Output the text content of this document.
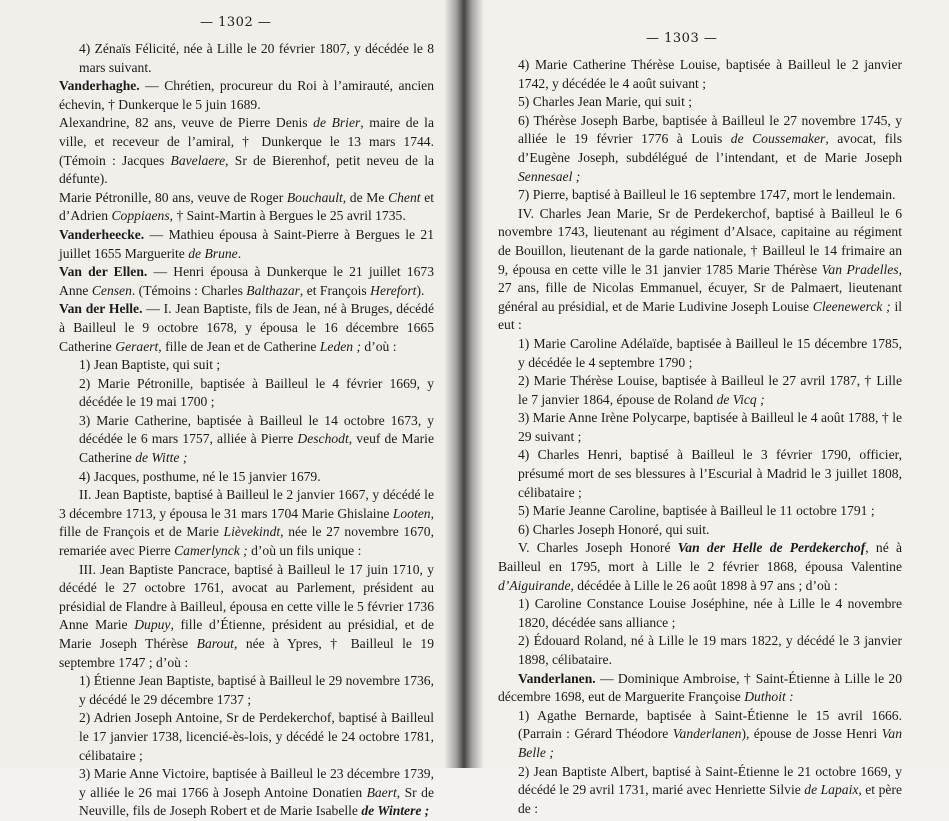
— 1302 —

4) Zénaïs Félicité, née à Lille le 20 février 1807, y décédée le 8 mars suivant.

Vanderhaghe. — Chrétien, procureur du Roi à l’amirauté, ancien échevin, † Dunkerque le 5 juin 1689.

Alexandrine, 82 ans, veuve de Pierre Denis de Brier, maire de la ville, et receveur de l’amiral, † Dunkerque le 13 mars 1744. (Témoin : Jacques Bavelaere, Sr de Bierenhof, petit neveu de la défunte).

Marie Pétronille, 80 ans, veuve de Roger Bouchault, de Me Chent et d’Adrien Coppiaens, † Saint-Martin à Bergues le 25 avril 1735.

Vanderheecke. — Mathieu épousa à Saint-Pierre à Bergues le 21 juillet 1655 Marguerite de Brune.

Van der Ellen. — Henri épousa à Dunkerque le 21 juillet 1673 Anne Censen. (Témoins : Charles Balthazar, et François Herefort).

Van der Helle. — I. Jean Baptiste, fils de Jean, né à Bruges, décédé à Bailleul le 9 octobre 1678, y épousa le 16 décembre 1665 Catherine Geraert, fille de Jean et de Catherine Leden ; d’où :

1) Jean Baptiste, qui suit ;

2) Marie Pétronille, baptisée à Bailleul le 4 février 1669, y décédée le 19 mai 1700 ;

3) Marie Catherine, baptisée à Bailleul le 14 octobre 1673, y décédée le 6 mars 1757, alliée à Pierre Deschodt, veuf de Marie Catherine de Witte ;

4) Jacques, posthume, né le 15 janvier 1679.

II. Jean Baptiste, baptisé à Bailleul le 2 janvier 1667, y décédé le 3 décembre 1713, y épousa le 31 mars 1704 Marie Ghislaine Looten, fille de François et de Marie Lièvekindt, née le 27 novembre 1670, remariée avec Pierre Camerlynck ; d’où un fils unique :

III. Jean Baptiste Pancrace, baptisé à Bailleul le 17 juin 1710, y décédé le 27 octobre 1761, avocat au Parlement, président au présidial de Flandre à Bailleul, épousa en cette ville le 5 février 1736 Anne Marie Dupuy, fille d’Étienne, président au présidial, et de Marie Joseph Thérèse Barout, née à Ypres, † Bailleul le 19 septembre 1747 ; d’où :

1) Étienne Jean Baptiste, baptisé à Bailleul le 29 novembre 1736, y décédé le 29 décembre 1737 ;

2) Adrien Joseph Antoine, Sr de Perdekerchof, baptisé à Bailleul le 17 janvier 1738, licencié-ès-lois, y décédé le 24 octobre 1781, célibataire ;

3) Marie Anne Victoire, baptisée à Bailleul le 23 décembre 1739, y alliée le 26 mai 1766 à Joseph Antoine Donatien Baert, Sr de Neuville, fils de Joseph Robert et de Marie Isabelle de Wintere ;

— 1303 —

4) Marie Catherine Thérèse Louise, baptisée à Bailleul le 2 janvier 1742, y décédée le 4 août suivant ;

5) Charles Jean Marie, qui suit ;

6) Thérèse Joseph Barbe, baptisée à Bailleul le 27 novembre 1745, y alliée le 19 février 1776 à Louis de Coussemaker, avocat, fils d’Eugène Joseph, subdélégué de l’intendant, et de Marie Joseph Sennesael ;

7) Pierre, baptisé à Bailleul le 16 septembre 1747, mort le lendemain.

IV. Charles Jean Marie, Sr de Perdekerchof, baptisé à Bailleul le 6 novembre 1743, lieutenant au régiment d’Alsace, capitaine au régiment de Bouillon, lieutenant de la garde nationale, † Bailleul le 14 frimaire an 9, épousa en cette ville le 31 janvier 1785 Marie Thérèse Van Pradelles, 27 ans, fille de Nicolas Emmanuel, écuyer, Sr de Palmaert, lieutenant général au présidial, et de Marie Ludivine Joseph Louise Cleenewerck ; il eut :

1) Marie Caroline Adélaïde, baptisée à Bailleul le 15 décembre 1785, y décédée le 4 septembre 1790 ;

2) Marie Thérèse Louise, baptisée à Bailleul le 27 avril 1787, † Lille le 7 janvier 1864, épouse de Roland de Vicq ;

3) Marie Anne Irène Polycarpe, baptisée à Bailleul le 4 août 1788, † le 29 suivant ;

4) Charles Henri, baptisé à Bailleul le 3 février 1790, officier, présumé mort de ses blessures à l’Escurial à Madrid le 3 juillet 1808, célibataire ;

5) Marie Jeanne Caroline, baptisée à Bailleul le 11 octobre 1791 ;

6) Charles Joseph Honoré, qui suit.

V. Charles Joseph Honoré Van der Helle de Perdekerchof, né à Bailleul en 1795, mort à Lille le 2 février 1868, épousa Valentine d’Aiguirande, décédée à Lille le 26 août 1898 à 97 ans ; d’où :

1) Caroline Constance Louise Joséphine, née à Lille le 4 novembre 1820, décédée sans alliance ;

2) Édouard Roland, né à Lille le 19 mars 1822, y décédé le 3 janvier 1898, célibataire.

Vanderlanen. — Dominique Ambroise, † Saint-Étienne à Lille le 20 décembre 1698, eut de Marguerite Françoise Duthoit :

1) Agathe Bernarde, baptisée à Saint-Étienne le 15 avril 1666. (Parrain : Gérard Théodore Vanderlanen), épouse de Josse Henri Van Belle ;

2) Jean Baptiste Albert, baptisé à Saint-Étienne le 21 octobre 1669, y décédé le 29 avril 1731, marié avec Henriette Silvie de Lapaix, et père de :
